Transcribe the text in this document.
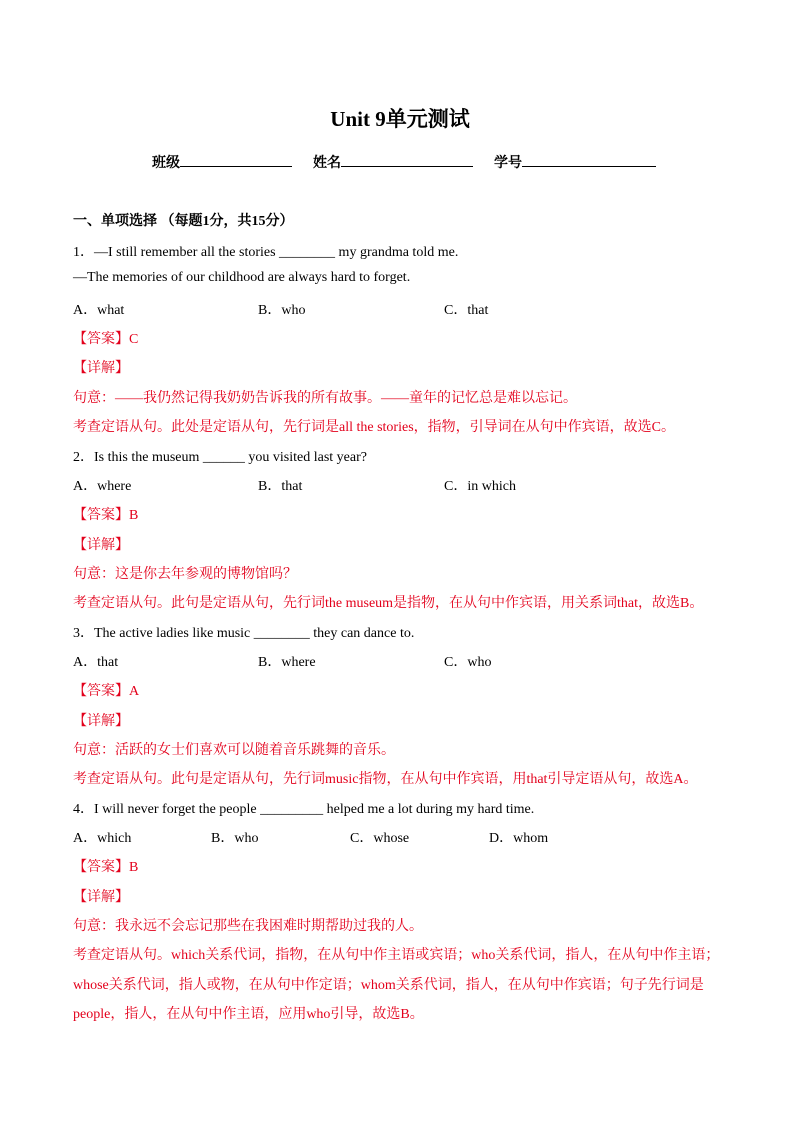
Unit 9单元测试
班级	姓名	学号
一、单项选择 （每题1分，共15分）
1．—I still remember all the stories ________ my grandma told me.
—The memories of our childhood are always hard to forget.
A．what	B．who	C．that
【答案】C
【详解】
句意：——我仍然记得我奶奶告诉我的所有故事。——童年的记忆总是难以忘记。
考查定语从句。此处是定语从句，先行词是all the stories，指物，引导词在从句中作宾语，故选C。
2．Is this the museum ______ you visited last year?
A．where	B．that	C．in which
【答案】B
【详解】
句意：这是你去年参观的博物馆吗？
考查定语从句。此句是定语从句，先行词the museum是指物，在从句中作宾语，用关系词that，故选B。
3．The active ladies like music ________ they can dance to.
A．that	B．where	C．who
【答案】A
【详解】
句意：活跃的女士们喜欢可以随着音乐跳舞的音乐。
考查定语从句。此句是定语从句，先行词music指物，在从句中作宾语，用that引导定语从句，故选A。
4．I will never forget the people _________ helped me a lot during my hard time.
A．which	B．who	C．whose	D．whom
【答案】B
【详解】
句意：我永远不会忘记那些在我困难时期帮助过我的人。
考查定语从句。which关系代词，指物，在从句中作主语或宾语；who关系代词，指人，在从句中作主语；
whose关系代词，指人或物，在从句中作定语；whom关系代词，指人，在从句中作宾语；句子先行词是
people，指人，在从句中作主语，应用who引导，故选B。
